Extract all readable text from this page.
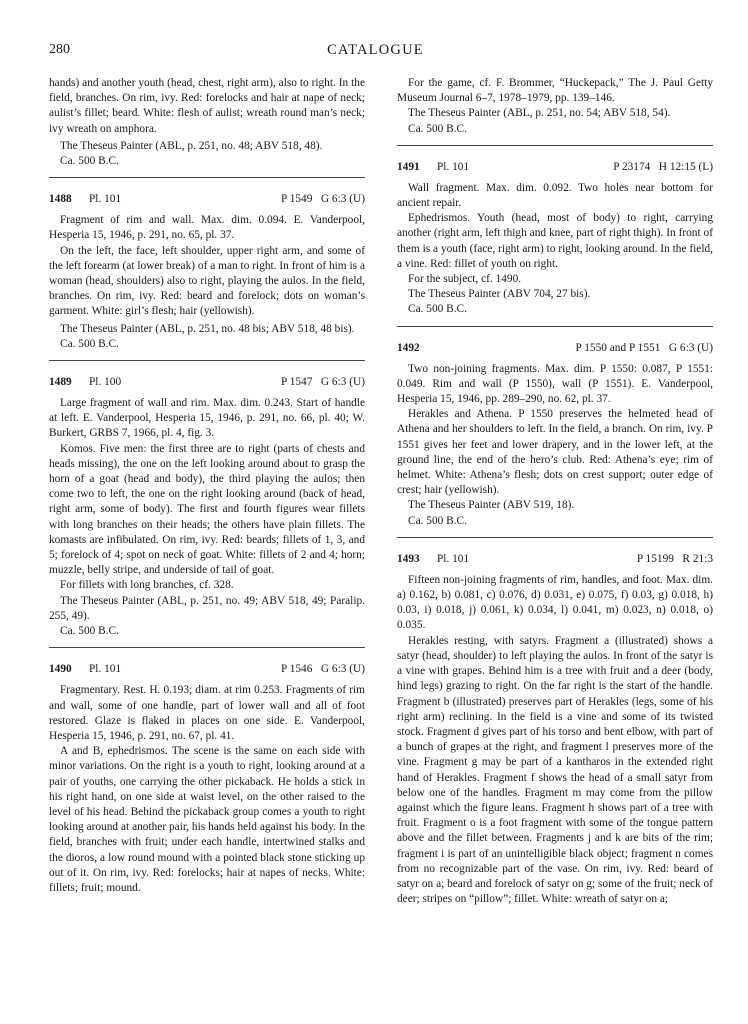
280	CATALOGUE

hands) and another youth (head, chest, right arm), also to right. In the field, branches. On rim, ivy. Red: forelocks and hair at nape of neck; aulist’s fillet; beard. White: flesh of aulist; wreath round man’s neck; ivy wreath on amphora.

The Theseus Painter (ABL, p. 251, no. 48; ABV 518, 48).

Ca. 500 B.C.

1488 Pl. 101	P 1549   G 6:3 (U)

Fragment of rim and wall. Max. dim. 0.094. E. Vanderpool, Hesperia 15, 1946, p. 291, no. 65, pl. 37.

On the left, the face, left shoulder, upper right arm, and some of the left forearm (at lower break) of a man to right. In front of him is a woman (head, shoulders) also to right, playing the aulos. In the field, branches. On rim, ivy. Red: beard and forelock; dots on woman’s garment. White: girl’s flesh; hair (yellowish).

The Theseus Painter (ABL, p. 251, no. 48 bis; ABV 518, 48 bis).

Ca. 500 B.C.

1489 Pl. 100	P 1547   G 6:3 (U)

Large fragment of wall and rim. Max. dim. 0.243. Start of handle at left. E. Vanderpool, Hesperia 15, 1946, p. 291, no. 66, pl. 40; W. Burkert, GRBS 7, 1966, pl. 4, fig. 3.

Komos. Five men: the first three are to right (parts of chests and heads missing), the one on the left looking around about to grasp the horn of a goat (head and body), the third playing the aulos; then come two to left, the one on the right looking around (back of head, right arm, some of body). The first and fourth figures wear fillets with long branches on their heads; the others have plain fillets. The komasts are infibulated. On rim, ivy. Red: beards; fillets of 1, 3, and 5; forelock of 4; spot on neck of goat. White: fillets of 2 and 4; horn; muzzle, belly stripe, and underside of tail of goat.

For fillets with long branches, cf. 328.

The Theseus Painter (ABL, p. 251, no. 49; ABV 518, 49; Paralip. 255, 49).

Ca. 500 B.C.

1490 Pl. 101	P 1546   G 6:3 (U)

Fragmentary. Rest. H. 0.193; diam. at rim 0.253. Fragments of rim and wall, some of one handle, part of lower wall and all of foot restored. Glaze is flaked in places on one side. E. Vanderpool, Hesperia 15, 1946, p. 291, no. 67, pl. 41.

A and B, ephedrismos. The scene is the same on each side with minor variations. On the right is a youth to right, looking around at a pair of youths, one carrying the other pickaback. He holds a stick in his right hand, on one side at waist level, on the other raised to the level of his head. Behind the pickaback group comes a youth to right looking around at another pair, his hands held against his body. In the field, branches with fruit; under each handle, intertwined stalks and the dioros, a low round mound with a pointed black stone sticking up out of it. On rim, ivy. Red: forelocks; hair at napes of necks. White: fillets; fruit; mound.

For the game, cf. F. Brommer, “Huckepack,” The J. Paul Getty Museum Journal 6–7, 1978–1979, pp. 139–146.

The Theseus Painter (ABL, p. 251, no. 54; ABV 518, 54).

Ca. 500 B.C.

1491 Pl. 101	P 23174   H 12:15 (L)

Wall fragment. Max. dim. 0.092. Two holes near bottom for ancient repair.

Ephedrismos. Youth (head, most of body) to right, carrying another (right arm, left thigh and knee, part of right thigh). In front of them is a youth (face, right arm) to right, looking around. In the field, a vine. Red: fillet of youth on right.

For the subject, cf. 1490.

The Theseus Painter (ABV 704, 27 bis).

Ca. 500 B.C.

1492	P 1550 and P 1551   G 6:3 (U)

Two non-joining fragments. Max. dim. P 1550: 0.087, P 1551: 0.049. Rim and wall (P 1550), wall (P 1551). E. Vanderpool, Hesperia 15, 1946, pp. 289–290, no. 62, pl. 37.

Herakles and Athena. P 1550 preserves the helmeted head of Athena and her shoulders to left. In the field, a branch. On rim, ivy. P 1551 gives her feet and lower drapery, and in the lower left, at the ground line, the end of the hero’s club. Red: Athena’s eye; rim of helmet. White: Athena’s flesh; dots on crest support; outer edge of crest; hair (yellowish).

The Theseus Painter (ABV 519, 18).

Ca. 500 B.C.

1493 Pl. 101	P 15199   R 21:3

Fifteen non-joining fragments of rim, handles, and foot. Max. dim. a) 0.162, b) 0.081, c) 0.076, d) 0.031, e) 0.075, f) 0.03, g) 0.018, h) 0.03, i) 0.018, j) 0.061, k) 0.034, l) 0.041, m) 0.023, n) 0.018, o) 0.035.

Herakles resting, with satyrs. Fragment a (illustrated) shows a satyr (head, shoulder) to left playing the aulos. In front of the satyr is a vine with grapes. Behind him is a tree with fruit and a deer (body, hind legs) grazing to right. On the far right is the start of the handle. Fragment b (illustrated) preserves part of Herakles (legs, some of his right arm) reclining. In the field is a vine and some of its twisted stock. Fragment d gives part of his torso and bent elbow, with part of a bunch of grapes at the right, and fragment l preserves more of the vine. Fragment g may be part of a kantharos in the extended right hand of Herakles. Fragment f shows the head of a small satyr from below one of the handles. Fragment m may come from the pillow against which the figure leans. Fragment h shows part of a tree with fruit. Fragment o is a foot fragment with some of the tongue pattern above and the fillet between. Fragments j and k are bits of the rim; fragment i is part of an unintelligible black object; fragment n comes from no recognizable part of the vase. On rim, ivy. Red: beard of satyr on a; beard and forelock of satyr on g; some of the fruit; neck of deer; stripes on “pillow”; fillet. White: wreath of satyr on a;
